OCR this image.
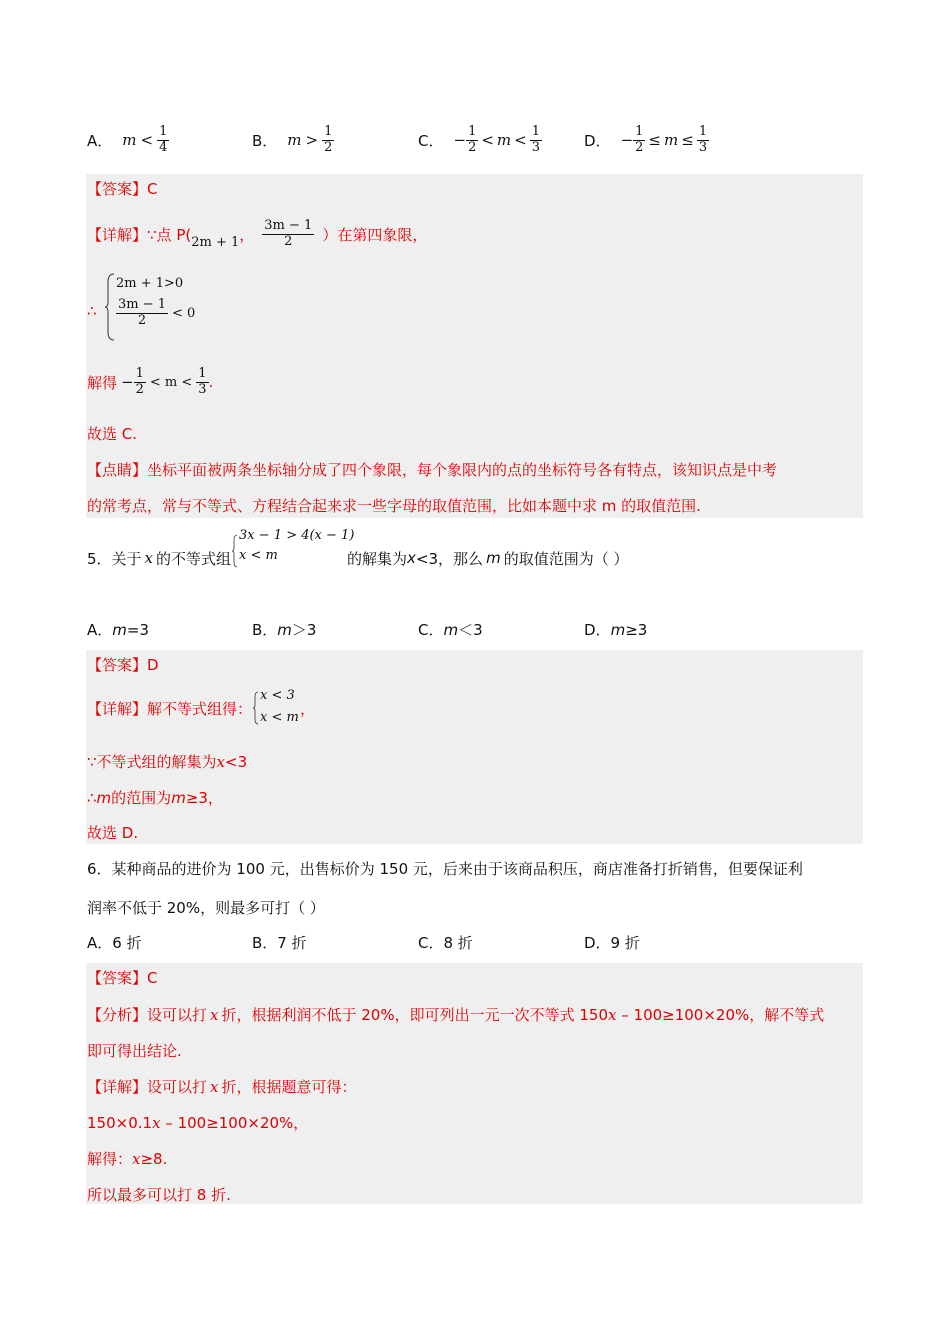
A． $m < \frac{1}{4}$	B． $m > \frac{1}{2}$	C． − $\frac{1}{2} < m < \frac{1}{3}$	D． − $\frac{1}{2} \le m \le \frac{1}{3}$
【答案】C
【详解】 ∵点 P( 2m + 1 ， $\frac{3m - 1}{2}$ ）在第四象限，
∴
2m + 1>0
$\frac{3m - 1}{2} < 0$
解得 − $\frac{1}{2} < m < \frac{1}{3}$ .
故选 C.
【点睛】坐标平面被两条坐标轴分成了四个象限，每个象限内的点的坐标符号各有特点，该知识点是中考
的常考点，常与不等式、方程结合起来求一些字母的取值范围，比如本题中求 m 的取值范围.
5．关于 x 的不等式组
3x − 1 > 4(x − 1)
x < m	的解集为 x <3，那么 m 的取值范围为（ ）
A．m=3	B．m＞3	C．m＜3	D．m≥3
【答案】D
【详解】 解不等式组得：
x < 3
x < m ，
∵不等式组的解集为x<3
∴m的范围为m≥3，
故选 D.
6．某种商品的进价为 100 元，出售标价为 150 元，后来由于该商品积压，商店准备打折销售，但要保证利
润率不低于 20%，则最多可打（ ）
A．6 折	B．7 折	C．8 折	D．9 折
【答案】C
【分析】设可以打 x 折，根据利润不低于 20%，即可列出一元一次不等式 150x – 100≥100×20%，解不等式
即可得出结论.
【详解】设可以打 x 折，根据题意可得：
150×0.1x – 100≥100×20%，
解得：x≥8.
所以最多可以打 8 折.
